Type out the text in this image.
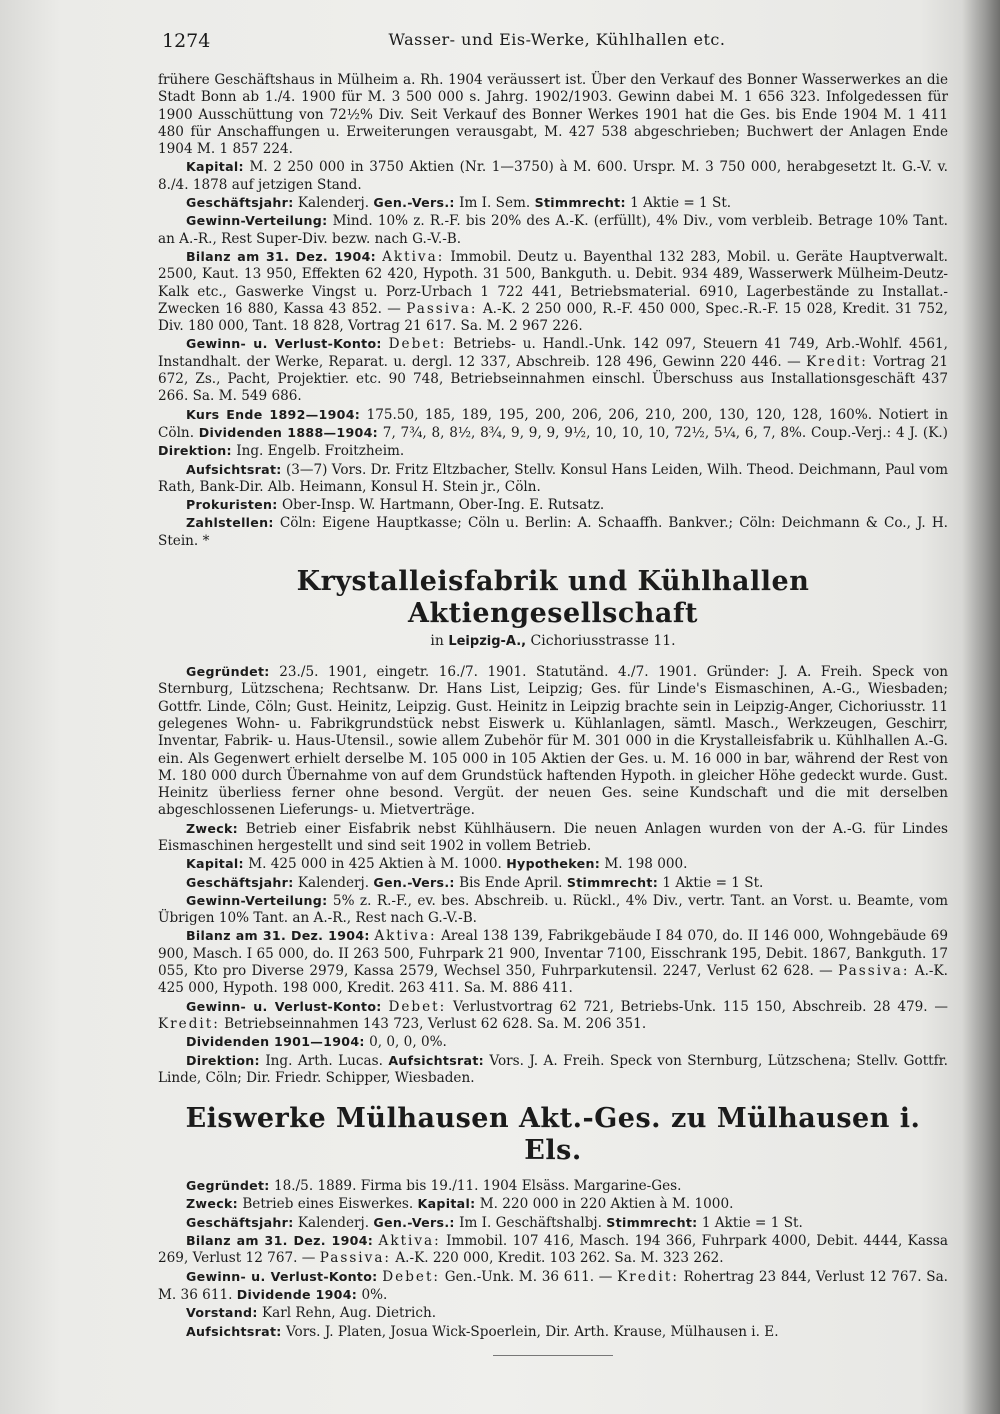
1274	Wasser- und Eis-Werke, Kühlhallen etc.

frühere Geschäftshaus in Mülheim a. Rh. 1904 veräussert ist. Über den Verkauf des Bonner Wasserwerkes an die Stadt Bonn ab 1./4. 1900 für M. 3 500 000 s. Jahrg. 1902/1903. Gewinn dabei M. 1 656 323. Infolgedessen für 1900 Ausschüttung von 72½% Div. Seit Verkauf des Bonner Werkes 1901 hat die Ges. bis Ende 1904 M. 1 411 480 für Anschaffungen u. Erweiterungen verausgabt, M. 427 538 abgeschrieben; Buchwert der Anlagen Ende 1904 M. 1 857 224.

Kapital: M. 2 250 000 in 3750 Aktien (Nr. 1—3750) à M. 600. Urspr. M. 3 750 000, herabgesetzt lt. G.-V. v. 8./4. 1878 auf jetzigen Stand.

Geschäftsjahr: Kalenderj. Gen.-Vers.: Im I. Sem. Stimmrecht: 1 Aktie = 1 St.

Gewinn-Verteilung: Mind. 10% z. R.-F. bis 20% des A.-K. (erfüllt), 4% Div., vom verbleib. Betrage 10% Tant. an A.-R., Rest Super-Div. bezw. nach G.-V.-B.

Bilanz am 31. Dez. 1904: Aktiva: Immobil. Deutz u. Bayenthal 132 283, Mobil. u. Geräte Hauptverwalt. 2500, Kaut. 13 950, Effekten 62 420, Hypoth. 31 500, Bankguth. u. Debit. 934 489, Wasserwerk Mülheim-Deutz-Kalk etc., Gaswerke Vingst u. Porz-Urbach 1 722 441, Betriebsmaterial. 6910, Lagerbestände zu Installat.-Zwecken 16 880, Kassa 43 852. — Passiva: A.-K. 2 250 000, R.-F. 450 000, Spec.-R.-F. 15 028, Kredit. 31 752, Div. 180 000, Tant. 18 828, Vortrag 21 617. Sa. M. 2 967 226.

Gewinn- u. Verlust-Konto: Debet: Betriebs- u. Handl.-Unk. 142 097, Steuern 41 749, Arb.-Wohlf. 4561, Instandhalt. der Werke, Reparat. u. dergl. 12 337, Abschreib. 128 496, Gewinn 220 446. — Kredit: Vortrag 21 672, Zs., Pacht, Projektier. etc. 90 748, Betriebseinnahmen einschl. Überschuss aus Installationsgeschäft 437 266. Sa. M. 549 686.

Kurs Ende 1892—1904: 175.50, 185, 189, 195, 200, 206, 206, 210, 200, 130, 120, 128, 160%. Notiert in Cöln. Dividenden 1888—1904: 7, 7¾, 8, 8½, 8¾, 9, 9, 9, 9½, 10, 10, 10, 72½, 5¼, 6, 7, 8%. Coup.-Verj.: 4 J. (K.) Direktion: Ing. Engelb. Froitzheim.

Aufsichtsrat: (3—7) Vors. Dr. Fritz Eltzbacher, Stellv. Konsul Hans Leiden, Wilh. Theod. Deichmann, Paul vom Rath, Bank-Dir. Alb. Heimann, Konsul H. Stein jr., Cöln.

Prokuristen: Ober-Insp. W. Hartmann, Ober-Ing. E. Rutsatz.

Zahlstellen: Cöln: Eigene Hauptkasse; Cöln u. Berlin: A. Schaaffh. Bankver.; Cöln: Deichmann & Co., J. H. Stein. *

Krystalleisfabrik und Kühlhallen Aktiengesellschaft
in Leipzig-A., Cichoriusstrasse 11.

Gegründet: 23./5. 1901, eingetr. 16./7. 1901. Statutänd. 4./7. 1901. Gründer: J. A. Freih. Speck von Sternburg, Lützschena; Rechtsanw. Dr. Hans List, Leipzig; Ges. für Linde's Eismaschinen, A.-G., Wiesbaden; Gottfr. Linde, Cöln; Gust. Heinitz, Leipzig. Gust. Heinitz in Leipzig brachte sein in Leipzig-Anger, Cichoriusstr. 11 gelegenes Wohn- u. Fabrikgrundstück nebst Eiswerk u. Kühlanlagen, sämtl. Masch., Werkzeugen, Geschirr, Inventar, Fabrik- u. Haus-Utensil., sowie allem Zubehör für M. 301 000 in die Krystalleisfabrik u. Kühlhallen A.-G. ein. Als Gegenwert erhielt derselbe M. 105 000 in 105 Aktien der Ges. u. M. 16 000 in bar, während der Rest von M. 180 000 durch Übernahme von auf dem Grundstück haftenden Hypoth. in gleicher Höhe gedeckt wurde. Gust. Heinitz überliess ferner ohne besond. Vergüt. der neuen Ges. seine Kundschaft und die mit derselben abgeschlossenen Lieferungs- u. Mietverträge.

Zweck: Betrieb einer Eisfabrik nebst Kühlhäusern. Die neuen Anlagen wurden von der A.-G. für Lindes Eismaschinen hergestellt und sind seit 1902 in vollem Betrieb.

Kapital: M. 425 000 in 425 Aktien à M. 1000. Hypotheken: M. 198 000.

Geschäftsjahr: Kalenderj. Gen.-Vers.: Bis Ende April. Stimmrecht: 1 Aktie = 1 St.

Gewinn-Verteilung: 5% z. R.-F., ev. bes. Abschreib. u. Rückl., 4% Div., vertr. Tant. an Vorst. u. Beamte, vom Übrigen 10% Tant. an A.-R., Rest nach G.-V.-B.

Bilanz am 31. Dez. 1904: Aktiva: Areal 138 139, Fabrikgebäude I 84 070, do. II 146 000, Wohngebäude 69 900, Masch. I 65 000, do. II 263 500, Fuhrpark 21 900, Inventar 7100, Eisschrank 195, Debit. 1867, Bankguth. 17 055, Kto pro Diverse 2979, Kassa 2579, Wechsel 350, Fuhrparkutensil. 2247, Verlust 62 628. — Passiva: A.-K. 425 000, Hypoth. 198 000, Kredit. 263 411. Sa. M. 886 411.

Gewinn- u. Verlust-Konto: Debet: Verlustvortrag 62 721, Betriebs-Unk. 115 150, Abschreib. 28 479. — Kredit: Betriebseinnahmen 143 723, Verlust 62 628. Sa. M. 206 351.

Dividenden 1901—1904: 0, 0, 0, 0%.

Direktion: Ing. Arth. Lucas. Aufsichtsrat: Vors. J. A. Freih. Speck von Sternburg, Lützschena; Stellv. Gottfr. Linde, Cöln; Dir. Friedr. Schipper, Wiesbaden.

Eiswerke Mülhausen Akt.-Ges. zu Mülhausen i. Els.

Gegründet: 18./5. 1889. Firma bis 19./11. 1904 Elsäss. Margarine-Ges.

Zweck: Betrieb eines Eiswerkes. Kapital: M. 220 000 in 220 Aktien à M. 1000.

Geschäftsjahr: Kalenderj. Gen.-Vers.: Im I. Geschäftshalbj. Stimmrecht: 1 Aktie = 1 St.

Bilanz am 31. Dez. 1904: Aktiva: Immobil. 107 416, Masch. 194 366, Fuhrpark 4000, Debit. 4444, Kassa 269, Verlust 12 767. — Passiva: A.-K. 220 000, Kredit. 103 262. Sa. M. 323 262.

Gewinn- u. Verlust-Konto: Debet: Gen.-Unk. M. 36 611. — Kredit: Rohertrag 23 844, Verlust 12 767. Sa. M. 36 611. Dividende 1904: 0%.

Vorstand: Karl Rehn, Aug. Dietrich.

Aufsichtsrat: Vors. J. Platen, Josua Wick-Spoerlein, Dir. Arth. Krause, Mülhausen i. E.
